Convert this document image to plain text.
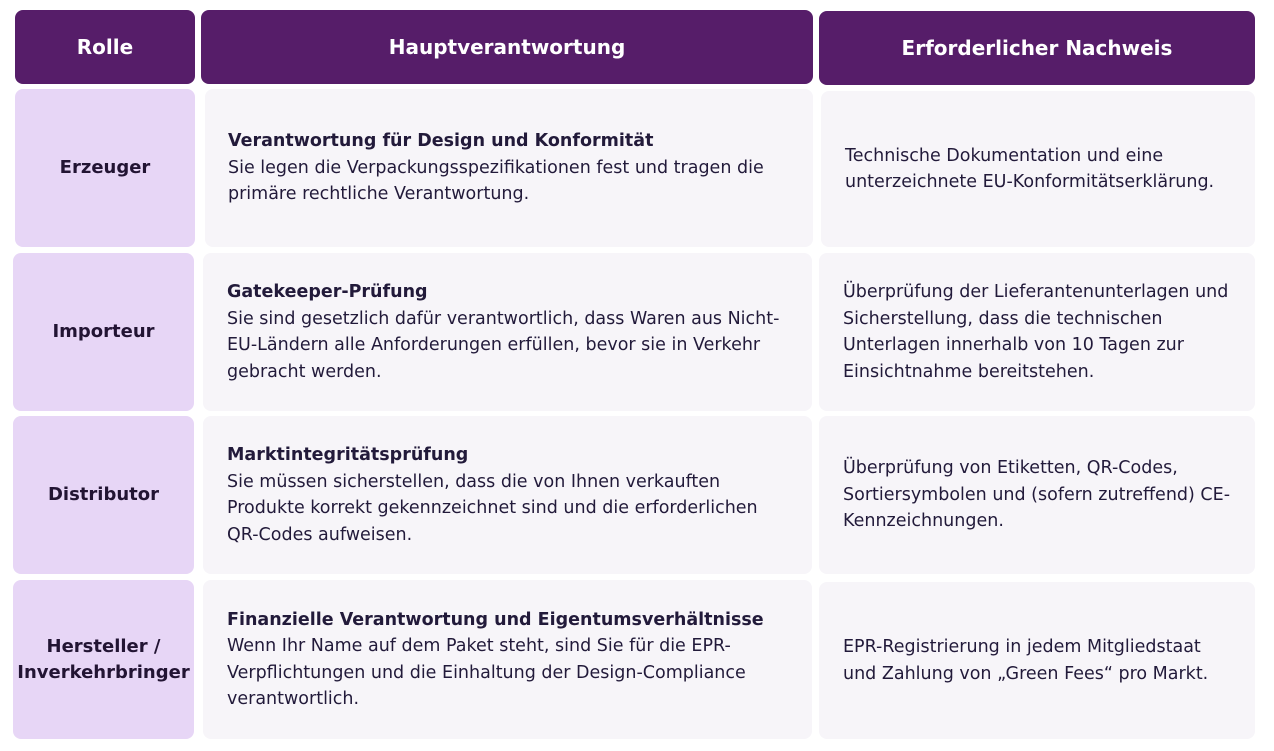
Rolle	Hauptverantwortung	Erforderlicher Nachweis
Erzeuger
Verantwortung für Design und Konformität
Sie legen die Verpackungsspezifikationen fest und tragen die primäre rechtliche Verantwortung.
Technische Dokumentation und eine unterzeichnete EU-Konformitätserklärung.
Importeur
Gatekeeper-Prüfung
Sie sind gesetzlich dafür verantwortlich, dass Waren aus Nicht-EU-Ländern alle Anforderungen erfüllen, bevor sie in Verkehr gebracht werden.
Überprüfung der Lieferantenunterlagen und Sicherstellung, dass die technischen Unterlagen innerhalb von 10 Tagen zur Einsichtnahme bereitstehen.
Distributor
Marktintegritätsprüfung
Sie müssen sicherstellen, dass die von Ihnen verkauften Produkte korrekt gekennzeichnet sind und die erforderlichen QR-Codes aufweisen.
Überprüfung von Etiketten, QR-Codes, Sortiersymbolen und (sofern zutreffend) CE-Kennzeichnungen.
Hersteller / Inverkehrbringer
Finanzielle Verantwortung und Eigentumsverhältnisse
Wenn Ihr Name auf dem Paket steht, sind Sie für die EPR-Verpflichtungen und die Einhaltung der Design-Compliance verantwortlich.
EPR-Registrierung in jedem Mitgliedstaat und Zahlung von „Green Fees“ pro Markt.
